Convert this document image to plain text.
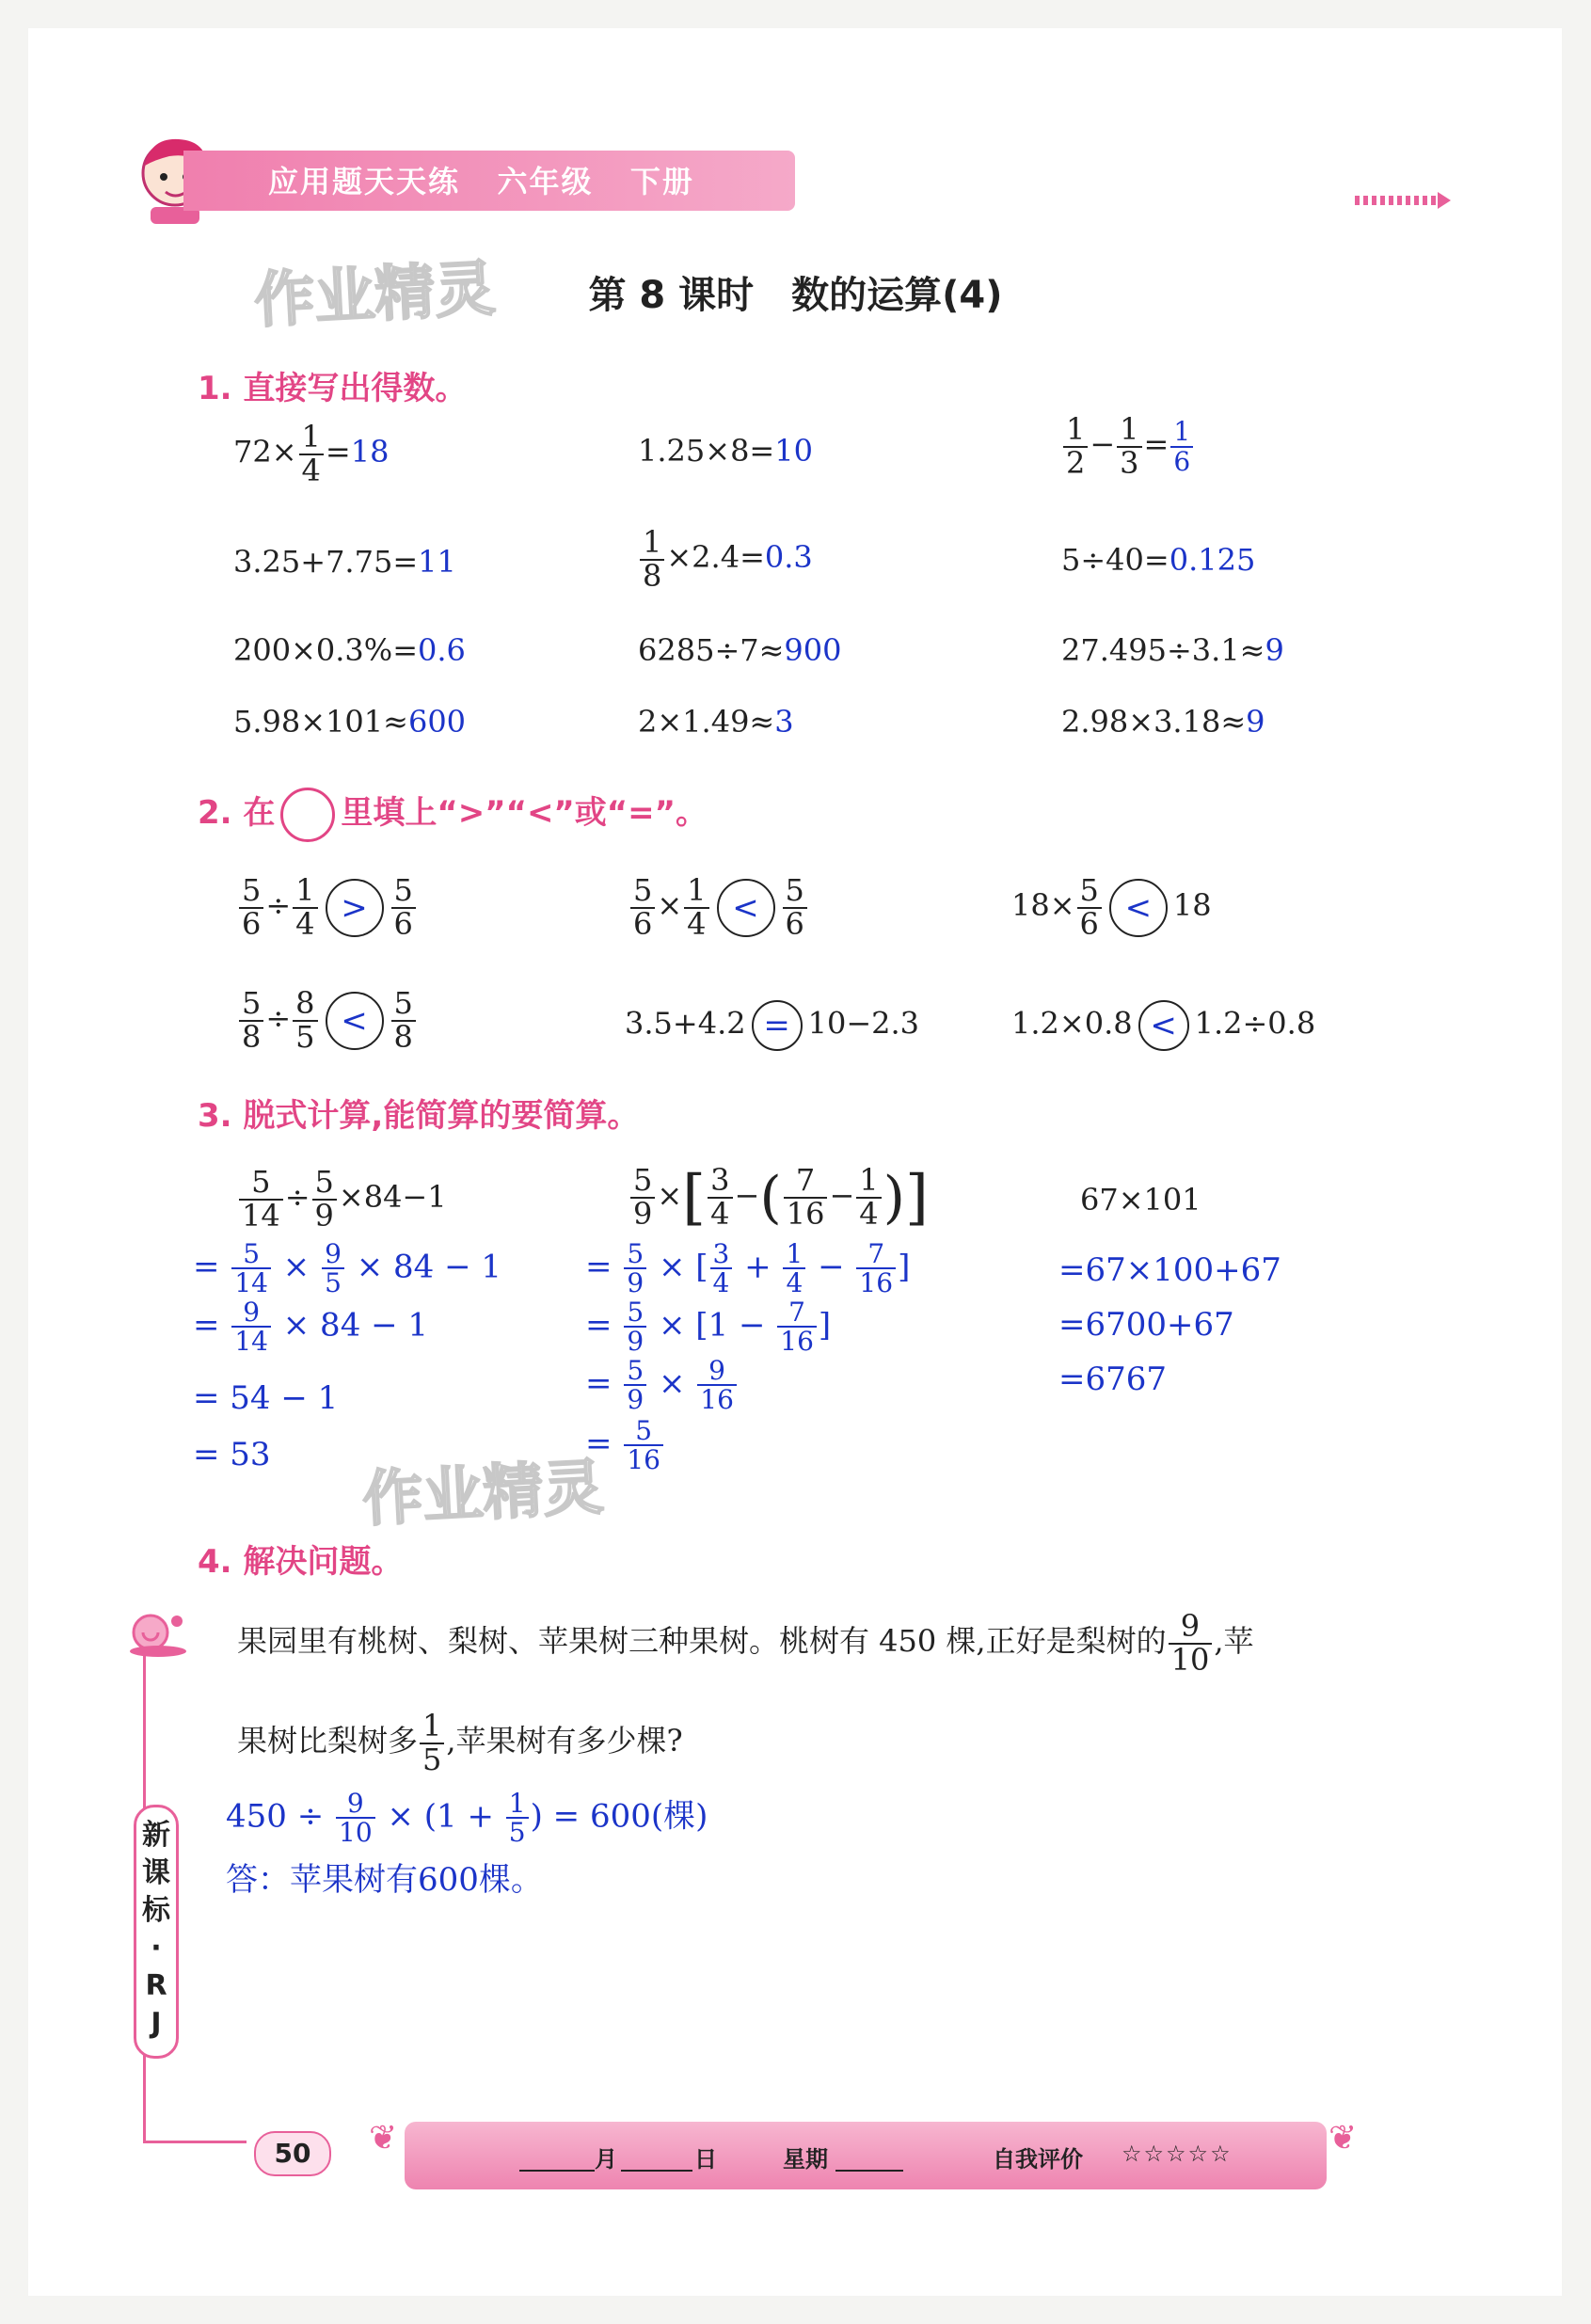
应用题天天练 六年级 下册
作业精灵	第 8 课时　数的运算(4)
1. 直接写出得数。
$72\times \frac{1}{4} =18$	1.25×8=10	$\frac{1}{2} - \frac{1}{3} = \frac{1}{6}$
3.25+7.75=11	$\frac{1}{8} \times 2.4=0.3$	5÷40=0.125
200×0.3%=0.6	6285÷7≈900	27.495÷3.1≈9
5.98×101≈600	2×1.49≈3	2.98×3.18≈9
2. 在 里填上“>”“<”或“=”。
$\frac{5}{6} \div \frac{1}{4} > \frac{5}{6}$	$\frac{5}{6} \times \frac{1}{4} < \frac{5}{6}$	$18\times \frac{5}{6} < 18$
$\frac{5}{8} \div \frac{8}{5} < \frac{5}{8}$	3.5+4.2 = 10−2.3	1.2×0.8 < 1.2÷0.8
3. 脱式计算,能简算的要简算。
$\frac{5}{14} \div \frac{5}{9} \times 84-1$	$\frac{5}{9}$ ×[ $\frac{3}{4}$ −( $\frac{7}{16} - \frac{1}{4}$ )]	67×101
= $\frac{5}{14} \times \frac{9}{5} \times 84 - 1$
= $\frac{9}{14} \times 84 - 1$
= 54 − 1
= 53
= $\frac{5}{9}$ × [ $\frac{3}{4} + \frac{1}{4} - \frac{7}{16}$ ]
= $\frac{5}{9} \times [1 - \frac{7}{16}$ ]
= $\frac{5}{9} \times \frac{9}{16}$
= $\frac{5}{16}$
=67×100+67
=6700+67
=6767
作业精灵
4. 解决问题。
新
课
标
·
R
J
果园里有桃树、梨树、苹果树三种果树。桃树有 450 棵,正好是梨树的 $\frac{9}{10}$ ,苹
果树比梨树多 $\frac{1}{5}$ ,苹果树有多少棵?
$450 \div \frac{9}{10} \times (1 + \frac{1}{5}$ ) = 600(棵)
答：苹果树有600棵。
❦	❦
50	月	日	星期	自我评价 ☆☆☆☆☆
